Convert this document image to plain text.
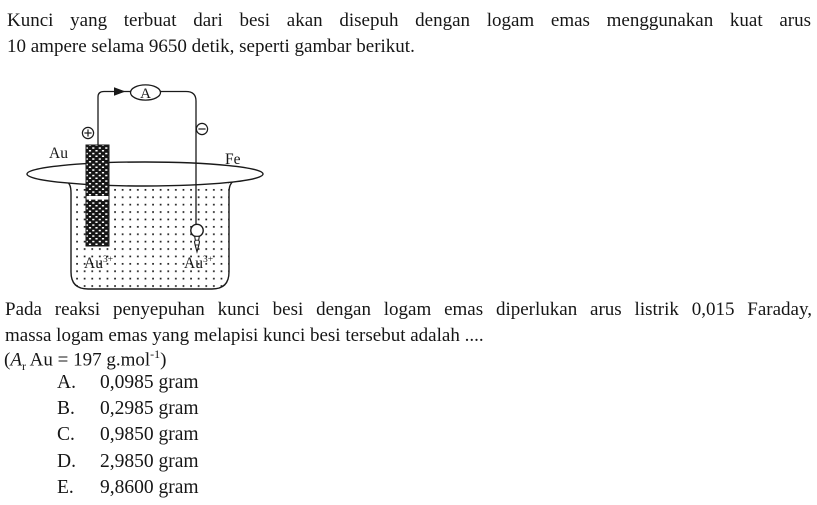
Kunci yang terbuat dari besi akan disepuh dengan logam emas menggunakan kuat arus
10 ampere selama 9650 detik, seperti gambar berikut.
A
Au	Fe
$Au^{3+}$	$Au^{3+}$
Pada reaksi penyepuhan kunci besi dengan logam emas diperlukan arus listrik 0,015 Faraday,
massa logam emas yang melapisi kunci besi tersebut adalah ....
($A_r$ Au = 197 g.mol$^{-1}$)
A.	0,0985 gram
B.	0,2985 gram
C.	0,9850 gram
D.	2,9850 gram
E.	9,8600 gram
